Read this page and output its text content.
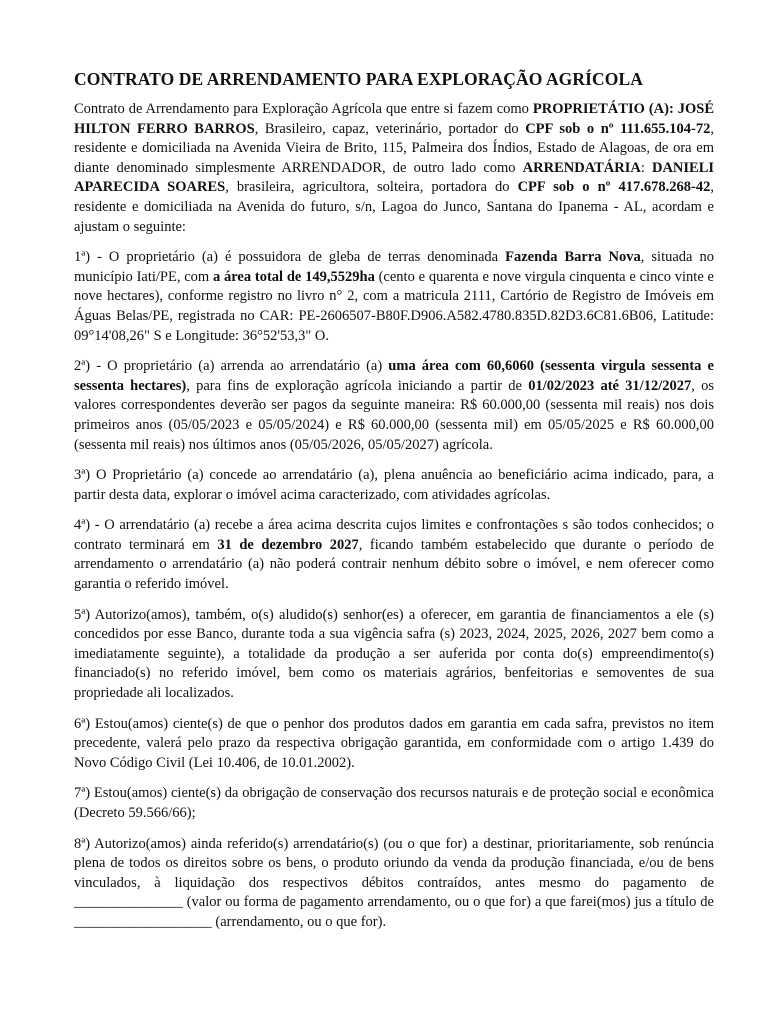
CONTRATO DE ARRENDAMENTO PARA EXPLORAÇÃO AGRÍCOLA

Contrato de Arrendamento para Exploração Agrícola que entre si fazem como PROPRIETÁTIO (A): JOSÉ HILTON FERRO BARROS, Brasileiro, capaz, veterinário, portador do CPF sob o nº 111.655.104-72, residente e domiciliada na Avenida Vieira de Brito, 115, Palmeira dos Índios, Estado de Alagoas, de ora em diante denominado simplesmente ARRENDADOR, de outro lado como ARRENDATÁRIA: DANIELI APARECIDA SOARES, brasileira, agricultora, solteira, portadora do CPF sob o nº 417.678.268-42, residente e domiciliada na Avenida do futuro, s/n, Lagoa do Junco, Santana do Ipanema - AL, acordam e ajustam o seguinte:

1ª) - O proprietário (a) é possuidora de gleba de terras denominada Fazenda Barra Nova, situada no município Iati/PE, com a área total de 149,5529ha (cento e quarenta e nove virgula cinquenta e cinco vinte e nove hectares), conforme registro no livro n° 2, com a matricula 2111, Cartório de Registro de Imóveis em Águas Belas/PE, registrada no CAR: PE-2606507-B80F.D906.A582.4780.835D.82D3.6C81.6B06, Latitude: 09°14'08,26" S e Longitude: 36°52'53,3" O.

2ª) - O proprietário (a) arrenda ao arrendatário (a) uma área com 60,6060 (sessenta virgula sessenta e sessenta hectares), para fins de exploração agrícola iniciando a partir de 01/02/2023 até 31/12/2027, os valores correspondentes deverão ser pagos da seguinte maneira: R$ 60.000,00 (sessenta mil reais) nos dois primeiros anos (05/05/2023 e 05/05/2024) e R$ 60.000,00 (sessenta mil) em 05/05/2025 e R$ 60.000,00 (sessenta mil reais) nos últimos anos (05/05/2026, 05/05/2027) agrícola.

3ª) O Proprietário (a) concede ao arrendatário (a), plena anuência ao beneficiário acima indicado, para, a partir desta data, explorar o imóvel acima caracterizado, com atividades agrícolas.

4ª) - O arrendatário (a) recebe a área acima descrita cujos limites e confrontações s são todos conhecidos; o contrato terminará em 31 de dezembro 2027, ficando também estabelecido que durante o período de arrendamento o arrendatário (a) não poderá contrair nenhum débito sobre o imóvel, e nem oferecer como garantia o referido imóvel.

5ª) Autorizo(amos), também, o(s) aludido(s) senhor(es) a oferecer, em garantia de financiamentos a ele (s) concedidos por esse Banco, durante toda a sua vigência safra (s) 2023, 2024, 2025, 2026, 2027 bem como a imediatamente seguinte), a totalidade da produção a ser auferida por conta do(s) empreendimento(s) financiado(s) no referido imóvel, bem como os materiais agrários, benfeitorias e semoventes de sua propriedade ali localizados.

6ª) Estou(amos) ciente(s) de que o penhor dos produtos dados em garantia em cada safra, previstos no item precedente, valerá pelo prazo da respectiva obrigação garantida, em conformidade com o artigo 1.439 do Novo Código Civil (Lei 10.406, de 10.01.2002).

7ª) Estou(amos) ciente(s) da obrigação de conservação dos recursos naturais e de proteção social e econômica (Decreto 59.566/66);

8ª) Autorizo(amos) ainda referido(s) arrendatário(s) (ou o que for) a destinar, prioritariamente, sob renúncia plena de todos os direitos sobre os bens, o produto oriundo da venda da produção financiada, e/ou de bens vinculados, à liquidação dos respectivos débitos contraídos, antes mesmo do pagamento de _______________ (valor ou forma de pagamento arrendamento, ou o que for) a que farei(mos) jus a título de ___________________ (arrendamento, ou o que for).
